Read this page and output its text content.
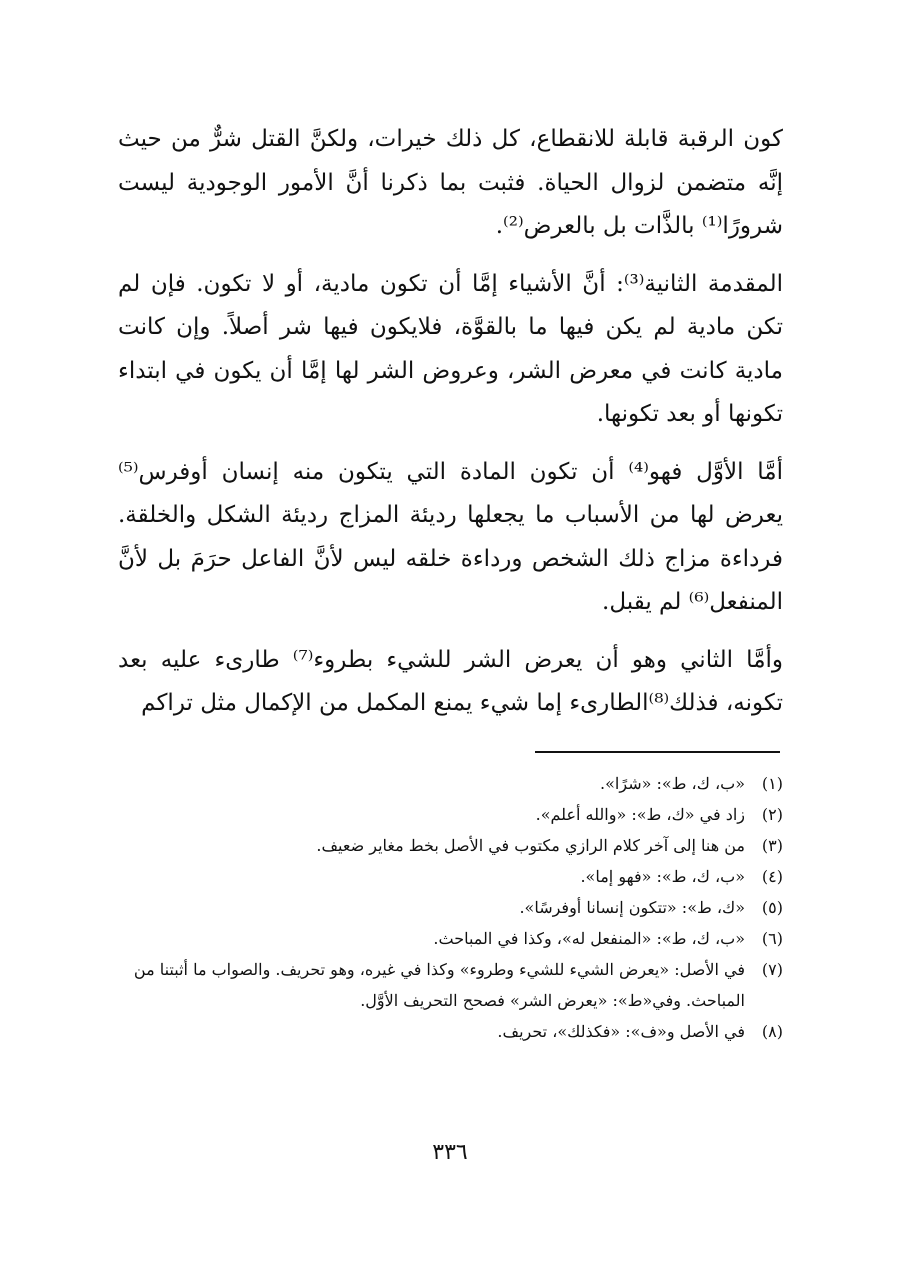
كون الرقبة قابلة للانقطاع، كل ذلك خيرات، ولكنَّ القتل شرٌّ من حيث إنَّه متضمن لزوال الحياة. فثبت بما ذكرنا أنَّ الأمور الوجودية ليست شرورًا⁽¹⁾ بالذَّات بل بالعرض⁽²⁾.

المقدمة الثانية⁽³⁾: أنَّ الأشياء إمَّا أن تكون مادية، أو لا تكون. فإن لم تكن مادية لم يكن فيها ما بالقوَّة، فلايكون فيها شر أصلاً. وإن كانت مادية كانت في معرض الشر، وعروض الشر لها إمَّا أن يكون في ابتداء تكونها أو بعد تكونها.

أمَّا الأوَّل فهو⁽⁴⁾ أن تكون المادة التي يتكون منه إنسان أوفرس⁽⁵⁾ يعرض لها من الأسباب ما يجعلها رديئة المزاج رديئة الشكل والخلقة. فرداءة مزاج ذلك الشخص ورداءة خلقه ليس لأنَّ الفاعل حرَمَ بل لأنَّ المنفعل⁽⁶⁾ لم يقبل.

وأمَّا الثاني وهو أن يعرض الشر للشيء بطروء⁽⁷⁾ طارىء عليه بعد تكونه، فذلك⁽⁸⁾الطارىء إما شيء يمنع المكمل من الإكمال مثل تراكم

(١)
«ب، ك، ط»: «شرًا».
(٢)
زاد في «ك، ط»: «والله أعلم».
(٣)
من هنا إلى آخر كلام الرازي مكتوب في الأصل بخط مغاير ضعيف.
(٤)
«ب، ك، ط»: «فهو إما».
(٥)
«ك، ط»: «تتكون إنسانا أوفرسًا».
(٦)
«ب، ك، ط»: «المنفعل له»، وكذا في المباحث.
(٧)
في الأصل: «يعرض الشيء للشيء وطروء» وكذا في غيره، وهو تحريف. والصواب ما أثبتنا من المباحث. وفي«ط»: «يعرض الشر» فصحح التحريف الأوَّل.
(٨)
في الأصل و«ف»: «فكذلك»، تحريف.
٣٣٦
